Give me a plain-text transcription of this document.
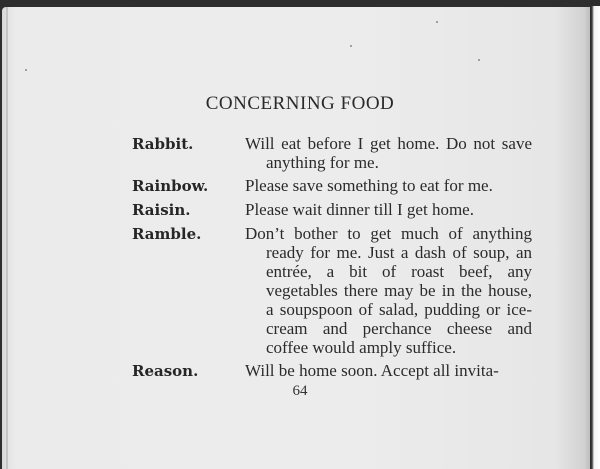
CONCERNING FOOD
Rabbit.	Will eat before I get home. Do not save anything for me.
Rainbow.	Please save something to eat for me.
Raisin.	Please wait dinner till I get home.
Ramble.	Don’t bother to get much of anything ready for me. Just a dash of soup, an entrée, a bit of roast beef, any vegetables there may be in the house, a soupspoon of salad, pudding or ice-cream and perchance cheese and coffee would amply suffice.
Reason.	Will be home soon. Accept all invita-
64
